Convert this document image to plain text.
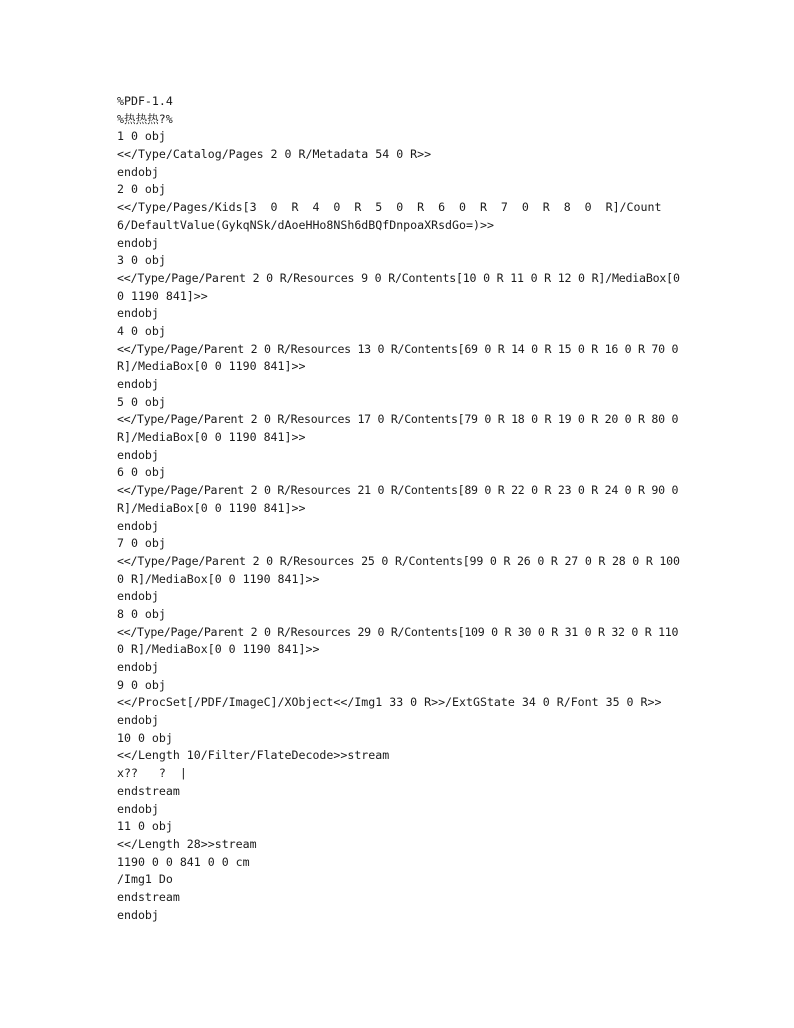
%PDF-1.4
%热热热?%
1 0 obj
<</Type/Catalog/Pages 2 0 R/Metadata 54 0 R>>
endobj
2 0 obj
<</Type/Pages/Kids[3  0  R  4  0  R  5  0  R  6  0  R  7  0  R  8  0  R]/Count
6/DefaultValue(GykqNSk/dAoeHHo8NSh6dBQfDnpoaXRsdGo=)>>
endobj
3 0 obj
<</Type/Page/Parent 2 0 R/Resources 9 0 R/Contents[10 0 R 11 0 R 12 0 R]/MediaBox[0
0 1190 841]>>
endobj
4 0 obj
<</Type/Page/Parent 2 0 R/Resources 13 0 R/Contents[69 0 R 14 0 R 15 0 R 16 0 R 70 0
R]/MediaBox[0 0 1190 841]>>
endobj
5 0 obj
<</Type/Page/Parent 2 0 R/Resources 17 0 R/Contents[79 0 R 18 0 R 19 0 R 20 0 R 80 0
R]/MediaBox[0 0 1190 841]>>
endobj
6 0 obj
<</Type/Page/Parent 2 0 R/Resources 21 0 R/Contents[89 0 R 22 0 R 23 0 R 24 0 R 90 0
R]/MediaBox[0 0 1190 841]>>
endobj
7 0 obj
<</Type/Page/Parent 2 0 R/Resources 25 0 R/Contents[99 0 R 26 0 R 27 0 R 28 0 R 100
0 R]/MediaBox[0 0 1190 841]>>
endobj
8 0 obj
<</Type/Page/Parent 2 0 R/Resources 29 0 R/Contents[109 0 R 30 0 R 31 0 R 32 0 R 110
0 R]/MediaBox[0 0 1190 841]>>
endobj
9 0 obj
<</ProcSet[/PDF/ImageC]/XObject<</Img1 33 0 R>>/ExtGState 34 0 R/Font 35 0 R>>
endobj
10 0 obj
<</Length 10/Filter/FlateDecode>>stream
x??   ?  |
endstream
endobj
11 0 obj
<</Length 28>>stream
1190 0 0 841 0 0 cm
/Img1 Do
endstream
endobj
